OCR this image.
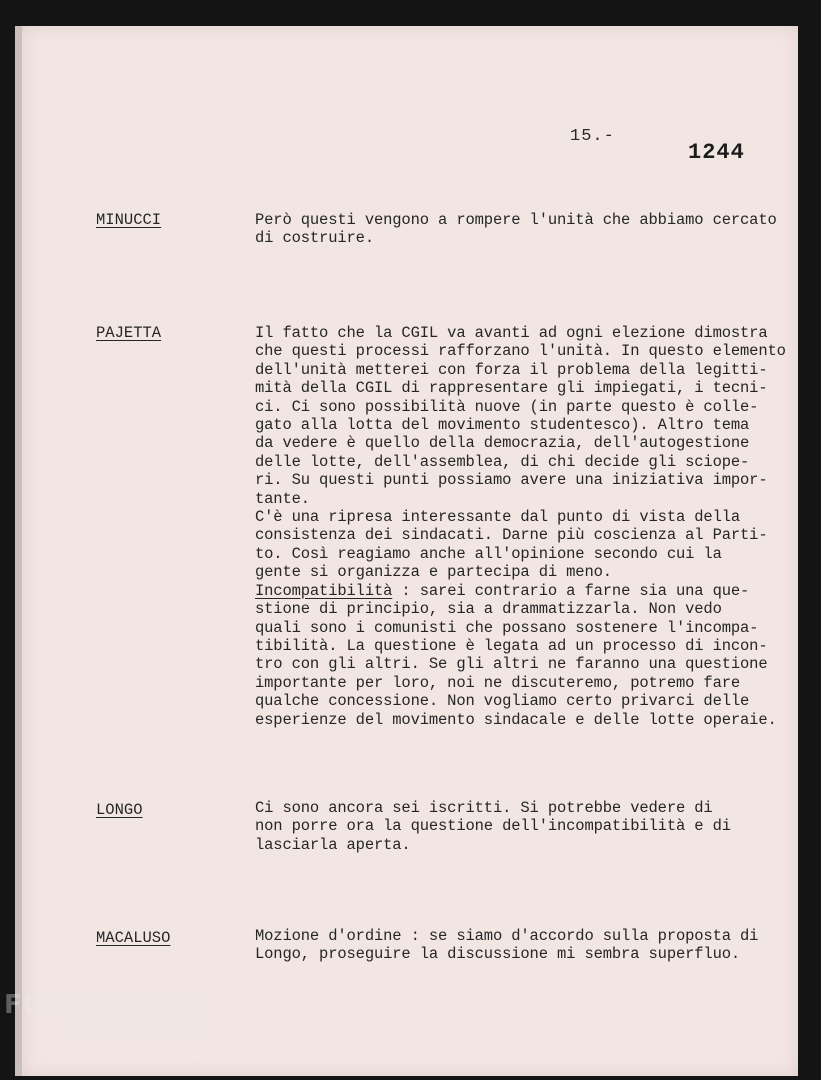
15.-
1244
MINUCCI	Però questi vengono a rompere l'unità che abbiamo cercato
di costruire.
PAJETTA	Il fatto che la CGIL va avanti ad ogni elezione dimostra
che questi processi rafforzano l'unità. In questo elemento
dell'unità metterei con forza il problema della legitti-
mità della CGIL di rappresentare gli impiegati, i tecni-
ci. Ci sono possibilità nuove (in parte questo è colle-
gato alla lotta del movimento studentesco). Altro tema
da vedere è quello della democrazia, dell'autogestione
delle lotte, dell'assemblea, di chi decide gli sciope-
ri. Su questi punti possiamo avere una iniziativa impor-
tante.
C'è una ripresa interessante dal punto di vista della
consistenza dei sindacati. Darne più coscienza al Parti-
to. Così reagiamo anche all'opinione secondo cui la
gente si organizza e partecipa di meno.
Incompatibilità : sarei contrario a farne sia una que-
stione di principio, sia a drammatizzarla. Non vedo
quali sono i comunisti che possano sostenere l'incompa-
tibilità. La questione è legata ad un processo di incon-
tro con gli altri. Se gli altri ne faranno una questione
importante per loro, noi ne discuteremo, potremo fare
qualche concessione. Non vogliamo certo privarci delle
esperienze del movimento sindacale e delle lotte operaie.
LONGO	Ci sono ancora sei iscritti. Si potrebbe vedere di
non porre ora la questione dell'incompatibilità e di
lasciarla aperta.
MACALUSO	Mozione d'ordine : se siamo d'accordo sulla proposta di
Longo, proseguire la discussione mi sembra superfluo.
FONDAZIONE
GRAMSCI
onlus
